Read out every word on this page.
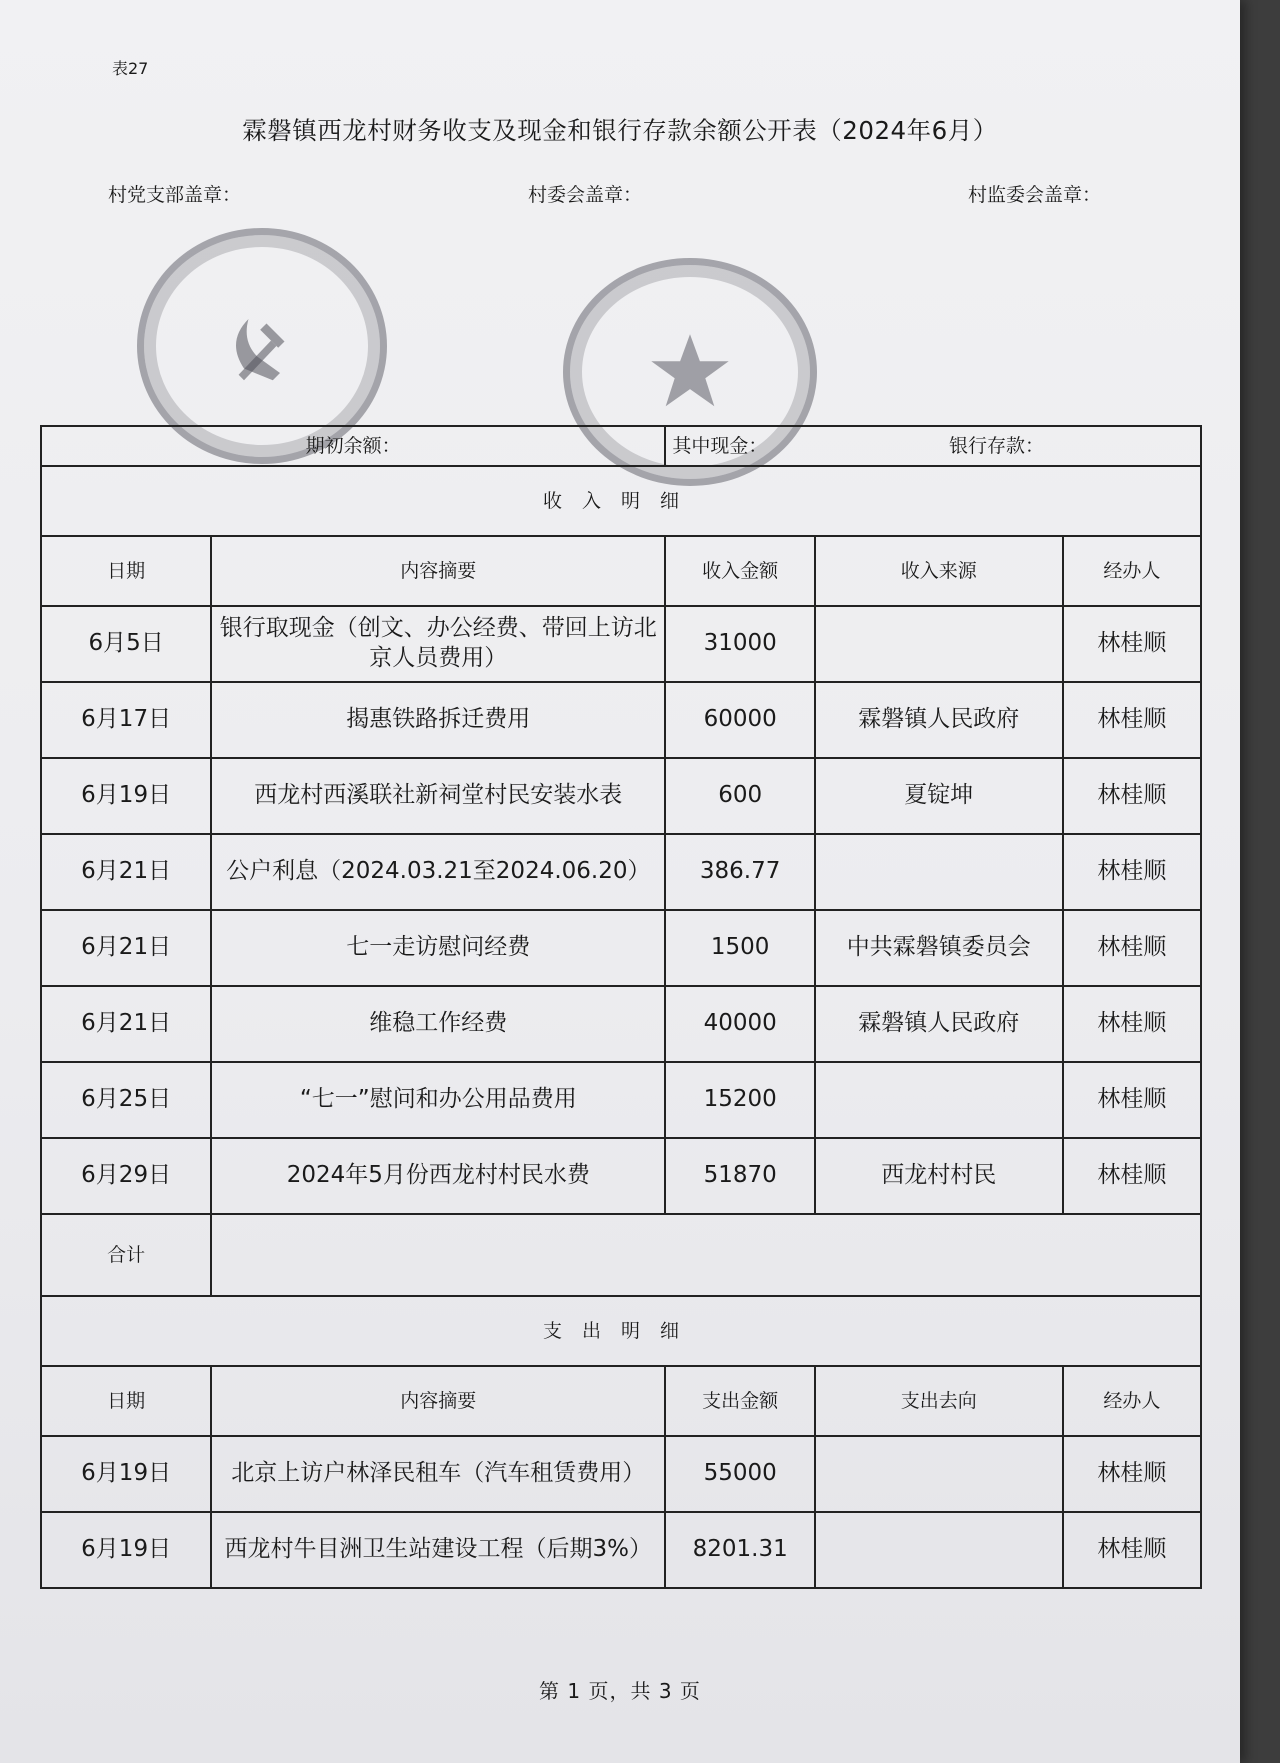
表27
霖磐镇西龙村财务收支及现金和银行存款余额公开表（2024年6月）
村党支部盖章：	村委会盖章：	村监委会盖章：
期初余额：		其中现金： 银行存款：		

收入明细				
日期	内容摘要	收入金额	收入来源	经办人
6月5日	银行取现金（创文、办公经费、带回上访北京人员费用）	31000		林桂顺
6月17日	揭惠铁路拆迁费用	60000	霖磐镇人民政府	林桂顺
6月19日	西龙村西溪联社新祠堂村民安装水表	600	夏锭坤	林桂顺
6月21日	公户利息（2024.03.21至2024.06.20）	386.77		林桂顺
6月21日	七一走访慰问经费	1500	中共霖磐镇委员会	林桂顺
6月21日	维稳工作经费	40000	霖磐镇人民政府	林桂顺
6月25日	“七一”慰问和办公用品费用	15200		林桂顺
6月29日	2024年5月份西龙村村民水费	51870	西龙村村民	林桂顺
合计				
支出明细				
日期	内容摘要	支出金额	支出去向	经办人
6月19日	北京上访户林泽民租车（汽车租赁费用）	55000		林桂顺
6月19日	西龙村牛目洲卫生站建设工程（后期3%）	8201.31		林桂顺
第 1 页，共 3 页
